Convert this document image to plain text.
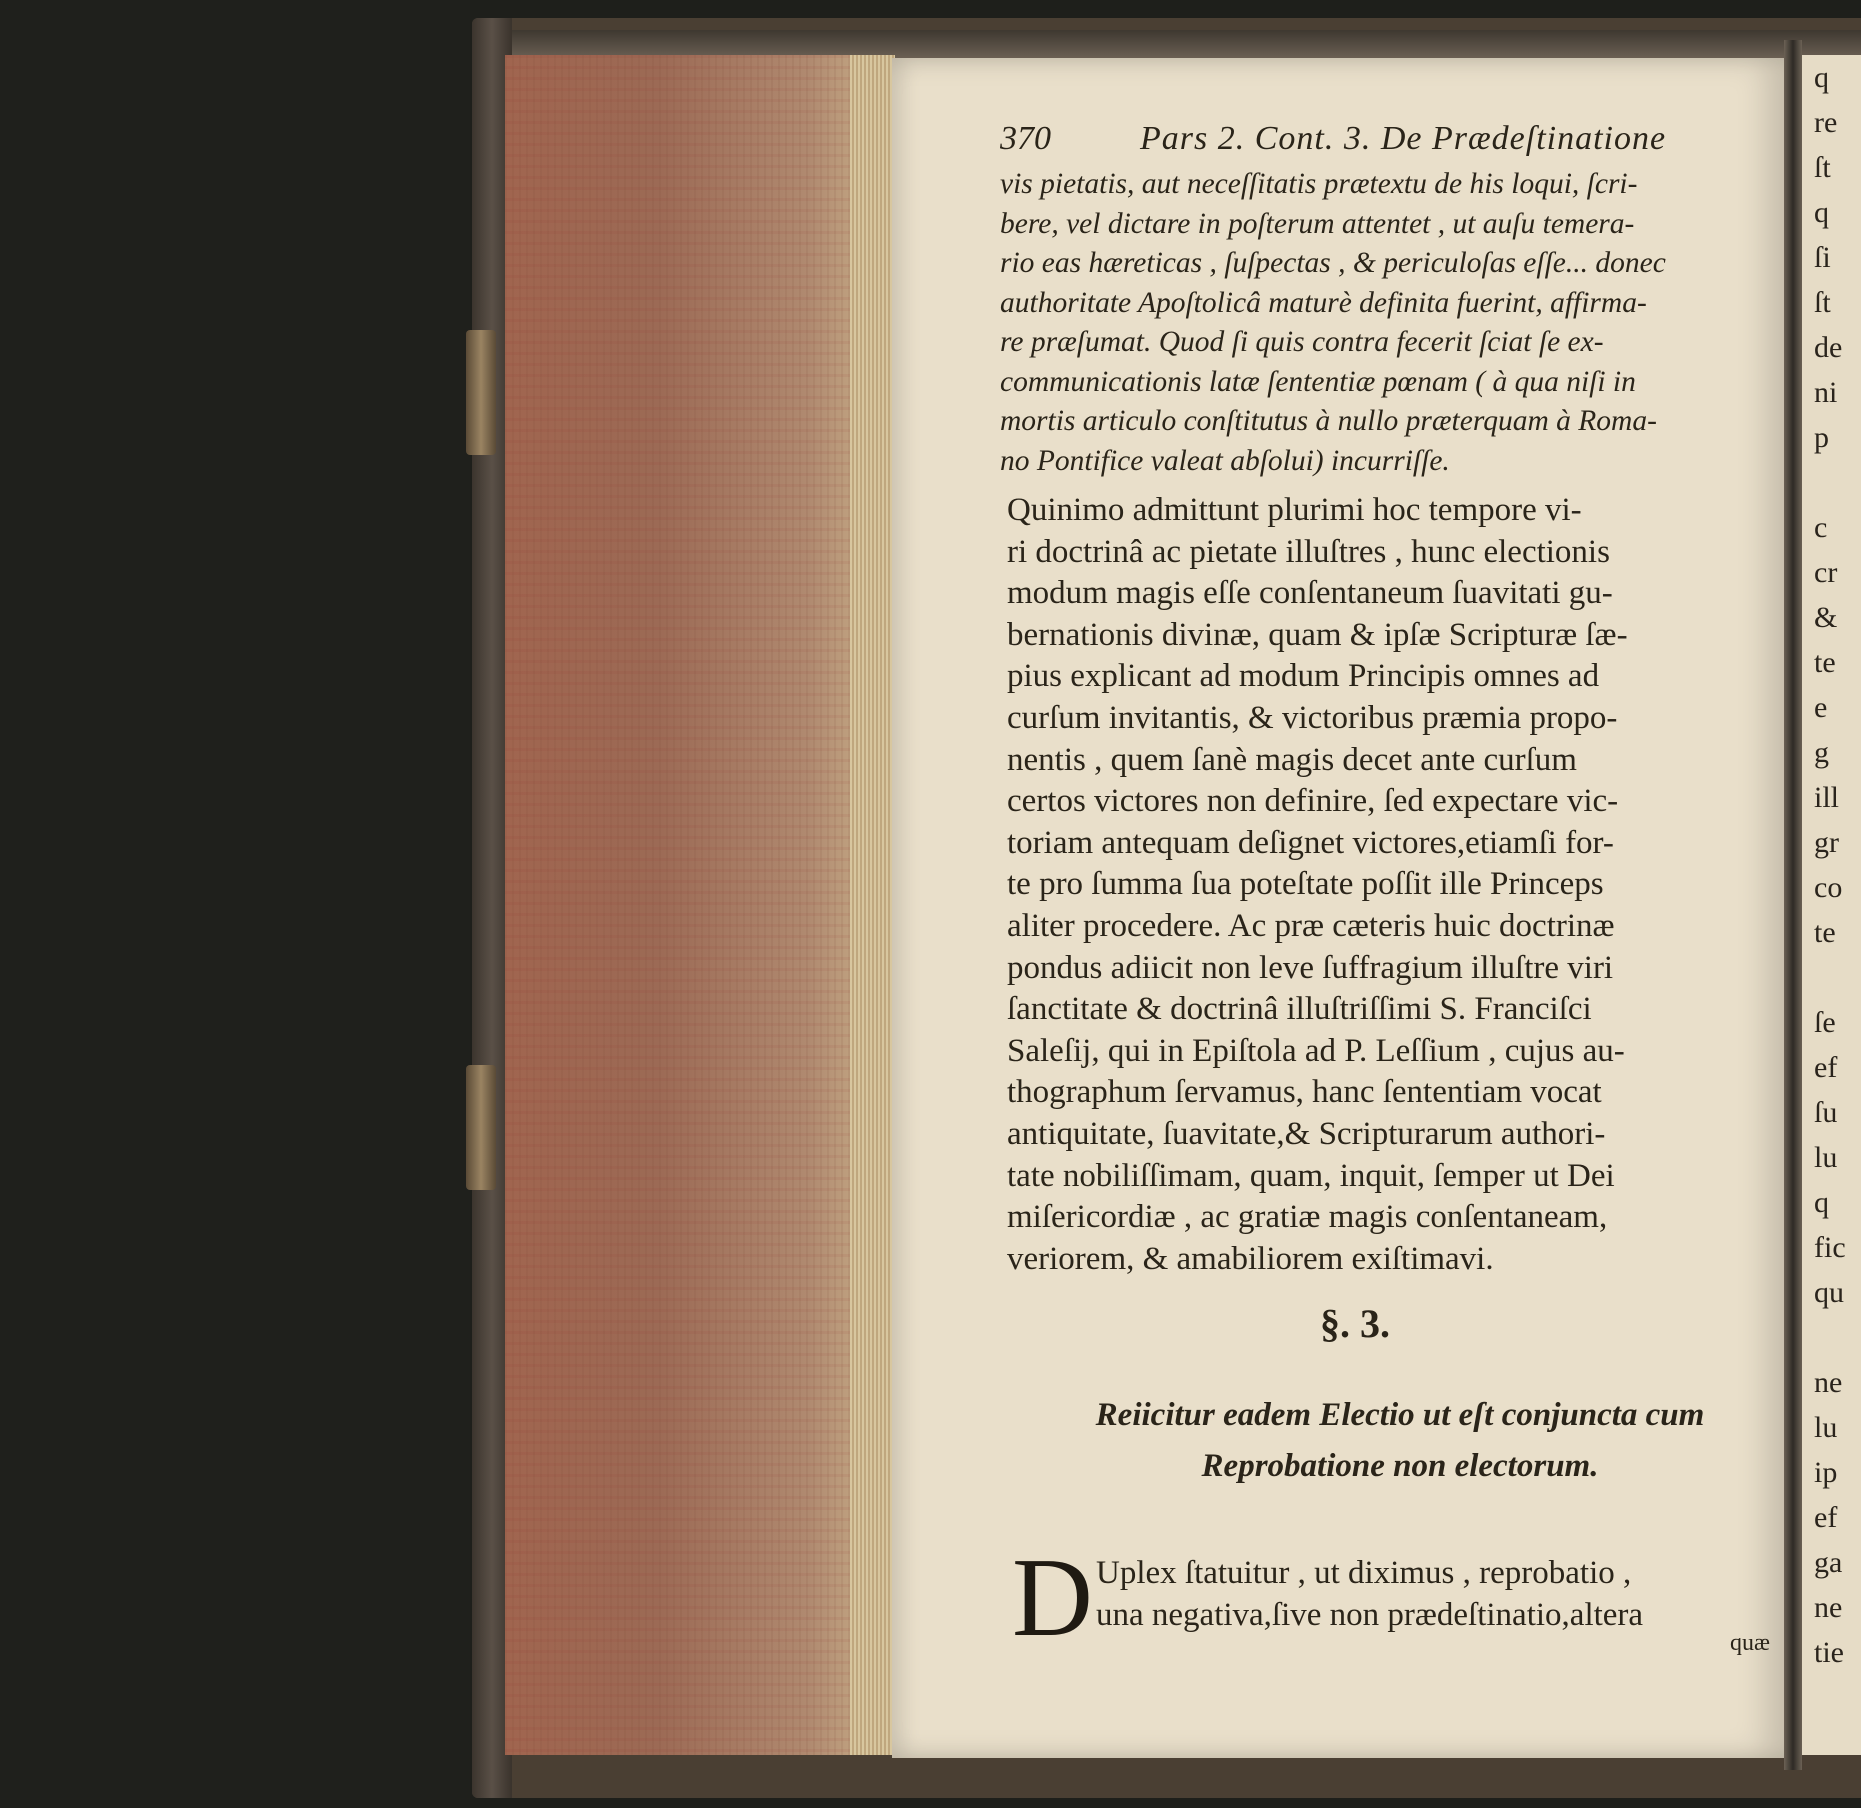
q
re
ſt
q
ſi
ſt
de
ni
p
c
cr
&
te
e
g
ill
gr
co
te
ſe
ef
ſu
lu
q
fic
qu
ne
lu
ip
ef
ga
ne
tie
370	Pars 2. Cont. 3. De Prædeſtinatione
vis pietatis, aut neceſſitatis prætextu de his loqui, ſcri-
bere, vel dictare in poſterum attentet , ut auſu temera-
rio eas hæreticas , ſuſpectas , & periculoſas eſſe... donec
authoritate Apoſtolicâ maturè definita fuerint, affirma-
re præſumat. Quod ſi quis contra fecerit ſciat ſe ex-
communicationis latæ ſententiæ pœnam ( à qua niſi in
mortis articulo conſtitutus à nullo præterquam à Roma-
no Pontifice valeat abſolui) incurriſſe.
Quinimo admittunt plurimi hoc tempore vi-
ri doctrinâ ac pietate illuſtres , hunc electionis
modum magis eſſe conſentaneum ſuavitati gu-
bernationis divinæ, quam & ipſæ Scripturæ ſæ-
pius explicant ad modum Principis omnes ad
curſum invitantis, & victoribus præmia propo-
nentis , quem ſanè magis decet ante curſum
certos victores non definire, ſed expectare vic-
toriam antequam deſignet victores,etiamſi for-
te pro ſumma ſua poteſtate poſſit ille Princeps
aliter procedere. Ac præ cæteris huic doctrinæ
pondus adiicit non leve ſuffragium illuſtre viri
ſanctitate & doctrinâ illuſtriſſimi S. Franciſci
Saleſij, qui in Epiſtola ad P. Leſſium , cujus au-
thographum ſervamus, hanc ſententiam vocat
antiquitate, ſuavitate,& Scripturarum authori-
tate nobiliſſimam, quam, inquit, ſemper ut Dei
miſericordiæ , ac gratiæ magis conſentaneam,
veriorem, & amabiliorem exiſtimavi.
§. 3.
Reiicitur eadem Electio ut eſt conjuncta cum
Reprobatione non electorum.
D Uplex ſtatuitur , ut diximus , reprobatio ,
una negativa,ſive non prædeſtinatio,altera
quæ
